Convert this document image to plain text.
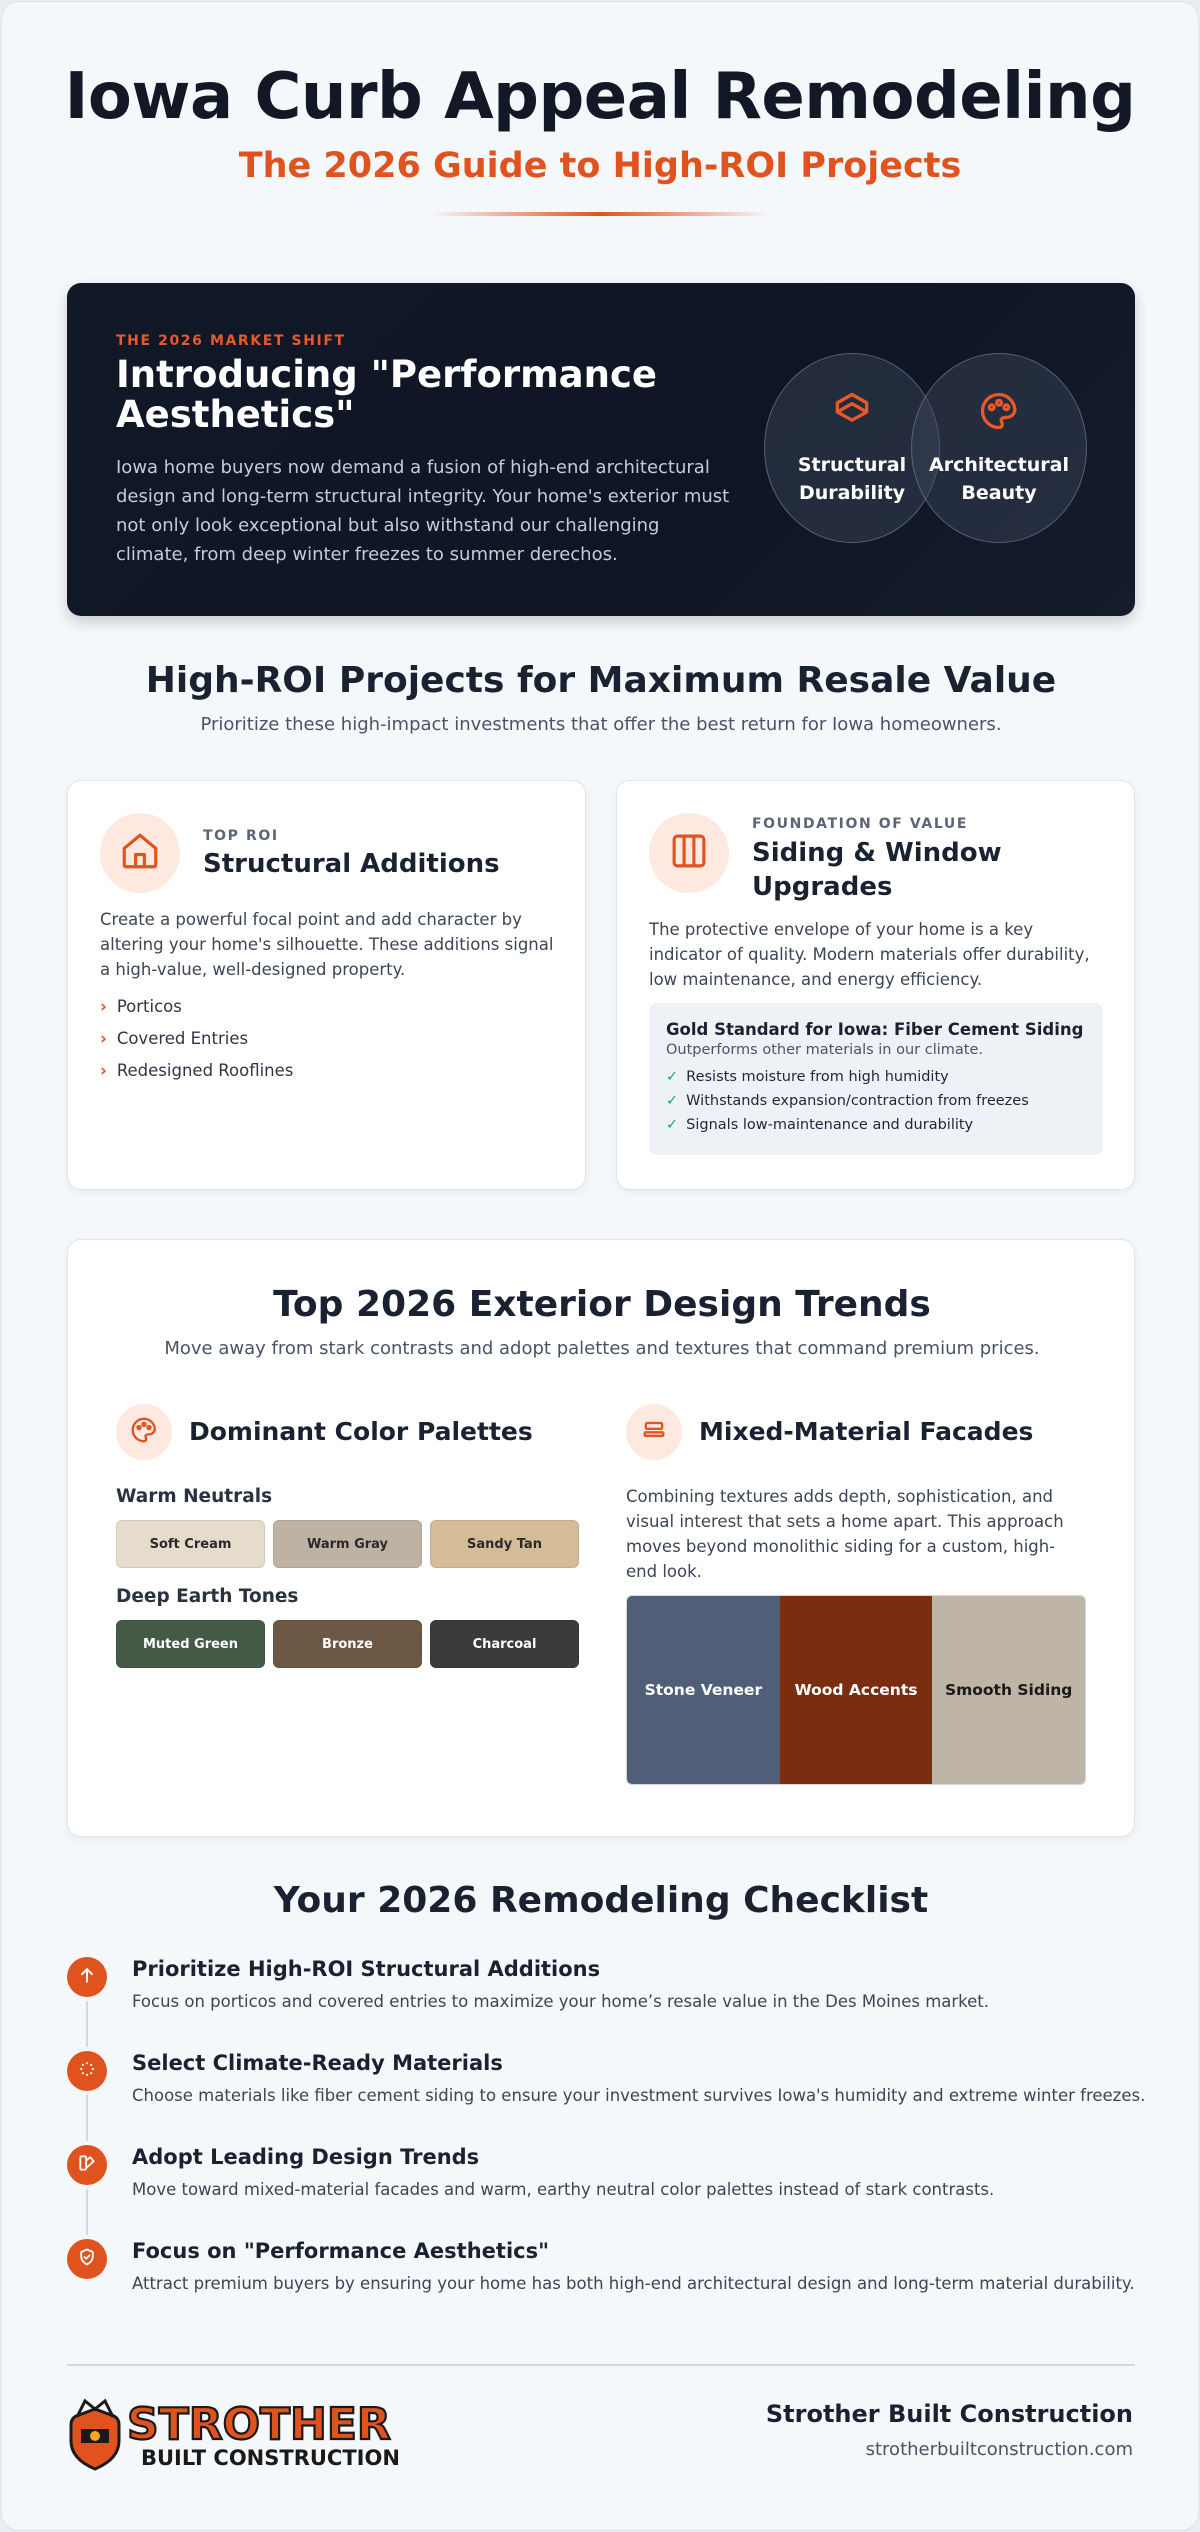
Iowa Curb Appeal Remodeling
The 2026 Guide to High-ROI Projects
THE 2026 MARKET SHIFT
Introducing "Performance Aesthetics"
Iowa home buyers now demand a fusion of high-end architectural design and long-term structural integrity. Your home's exterior must not only look exceptional but also withstand our challenging climate, from deep winter freezes to summer derechos.
Structural
Durability
Architectural
Beauty
High-ROI Projects for Maximum Resale Value
Prioritize these high-impact investments that offer the best return for Iowa homeowners.
TOP ROI
Structural Additions
Create a powerful focal point and add character by altering your home's silhouette. These additions signal a high-value, well-designed property.
› Porticos
› Covered Entries
› Redesigned Rooflines
FOUNDATION OF VALUE
Siding & Window Upgrades
The protective envelope of your home is a key indicator of quality. Modern materials offer durability, low maintenance, and energy efficiency.
Gold Standard for Iowa: Fiber Cement Siding
Outperforms other materials in our climate.
✓ Resists moisture from high humidity
✓ Withstands expansion/contraction from freezes
✓ Signals low-maintenance and durability
Top 2026 Exterior Design Trends
Move away from stark contrasts and adopt palettes and textures that command premium prices.
Dominant Color Palettes
Warm Neutrals
Soft Cream	Warm Gray	Sandy Tan
Deep Earth Tones
Muted Green	Bronze	Charcoal
Mixed-Material Facades
Combining textures adds depth, sophistication, and visual interest that sets a home apart. This approach moves beyond monolithic siding for a custom, high-end look.
Stone Veneer	Wood Accents	Smooth Siding
Your 2026 Remodeling Checklist
Prioritize High-ROI Structural Additions
Focus on porticos and covered entries to maximize your home’s resale value in the Des Moines market.
Select Climate-Ready Materials
Choose materials like fiber cement siding to ensure your investment survives Iowa's humidity and extreme winter freezes.
Adopt Leading Design Trends
Move toward mixed-material facades and warm, earthy neutral color palettes instead of stark contrasts.
Focus on "Performance Aesthetics"
Attract premium buyers by ensuring your home has both high-end architectural design and long-term material durability.
STROTHER
BUILT CONSTRUCTION
Strother Built Construction
strotherbuiltconstruction.com
